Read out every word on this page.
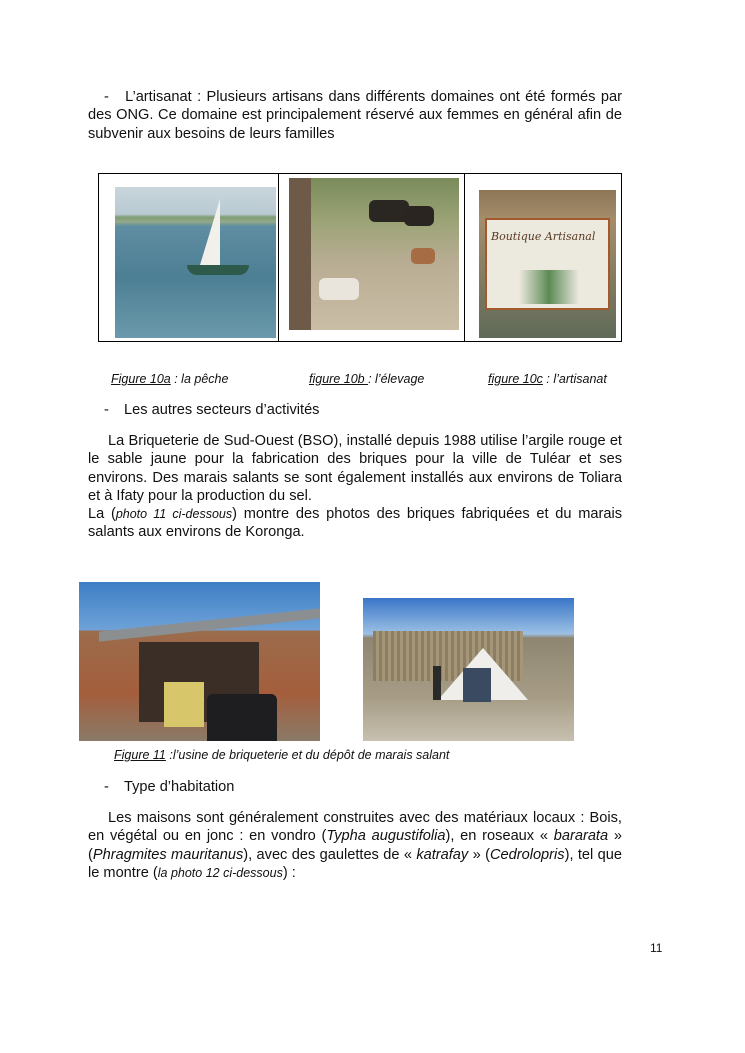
- L’artisanat : Plusieurs artisans dans différents domaines ont été formés par des ONG. Ce domaine est principalement réservé aux femmes en général afin de subvenir aux besoins de leurs familles
Boutique Artisanal
Figure 10a : la pêche	figure 10b : l’élevage	figure 10c : l’artisanat
- Les autres secteurs d’activités

La Briqueterie de Sud-Ouest (BSO), installé depuis 1988 utilise l’argile rouge et le sable jaune pour la fabrication des briques pour la ville de Tuléar et ses environs. Des marais salants se sont également installés aux environs de Toliara et à Ifaty pour la production du sel.

La (photo 11 ci-dessous) montre des photos des briques fabriquées et du marais salants aux environs de Koronga.

Figure 11 :l’usine de briqueterie et du dépôt de marais salant
- Type d’habitation

Les maisons sont généralement construites avec des matériaux locaux : Bois, en végétal ou en jonc : en vondro (Typha augustifolia), en roseaux « bararata » (Phragmites mauritanus), avec des gaulettes de « katrafay » (Cedrolopris), tel que le montre (la photo 12 ci-dessous) :

11
